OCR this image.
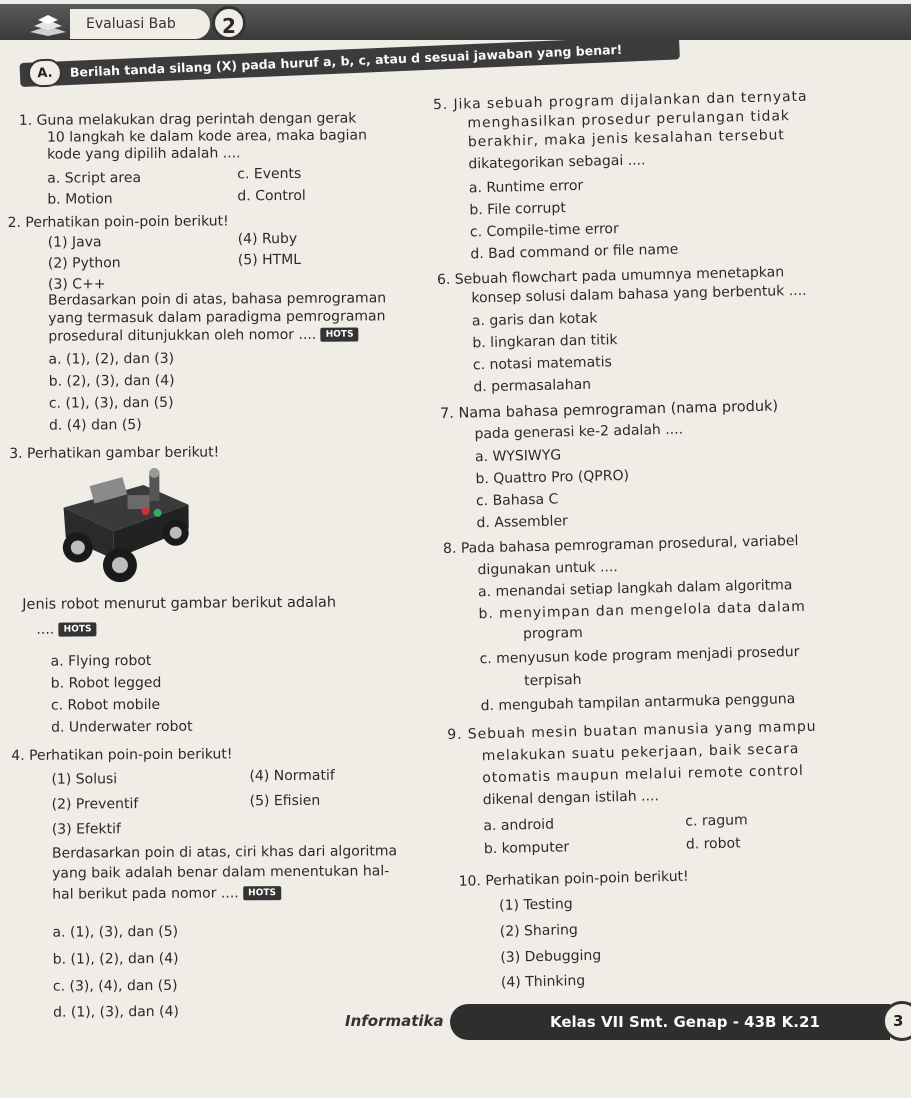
Evaluasi Bab	2
A.	Berilah tanda silang (X) pada huruf a, b, c, atau d sesuai jawaban yang benar!
1. Guna melakukan drag perintah dengan gerak
10 langkah ke dalam kode area, maka bagian
kode yang dipilih adalah ....
a. Script area	c. Events
b. Motion	d. Control
2. Perhatikan poin-poin berikut!
(1) Java	(4) Ruby
(2) Python	(5) HTML
(3) C++
Berdasarkan poin di atas, bahasa pemrograman
yang termasuk dalam paradigma pemrograman
prosedural ditunjukkan oleh nomor .... HOTS
a. (1), (2), dan (3)
b. (2), (3), dan (4)
c. (1), (3), dan (5)
d. (4) dan (5)
3. Perhatikan gambar berikut!
Jenis robot menurut gambar berikut adalah
.... HOTS
a. Flying robot
b. Robot legged
c. Robot mobile
d. Underwater robot
4. Perhatikan poin-poin berikut!
(1) Solusi	(4) Normatif
(2) Preventif	(5) Efisien
(3) Efektif
Berdasarkan poin di atas, ciri khas dari algoritma
yang baik adalah benar dalam menentukan hal-
hal berikut pada nomor .... HOTS
a. (1), (3), dan (5)
b. (1), (2), dan (4)
c. (3), (4), dan (5)
d. (1), (3), dan (4)
5. Jika sebuah program dijalankan dan ternyata
menghasilkan prosedur perulangan tidak
berakhir, maka jenis kesalahan tersebut
dikategorikan sebagai ....
a. Runtime error
b. File corrupt
c. Compile-time error
d. Bad command or file name
6. Sebuah flowchart pada umumnya menetapkan
konsep solusi dalam bahasa yang berbentuk ....
a. garis dan kotak
b. lingkaran dan titik
c. notasi matematis
d. permasalahan
7. Nama bahasa pemrograman (nama produk)
pada generasi ke-2 adalah ....
a. WYSIWYG
b. Quattro Pro (QPRO)
c. Bahasa C
d. Assembler
8. Pada bahasa pemrograman prosedural, variabel
digunakan untuk ....
a. menandai setiap langkah dalam algoritma
b. menyimpan dan mengelola data dalam
program
c. menyusun kode program menjadi prosedur
terpisah
d. mengubah tampilan antarmuka pengguna
9. Sebuah mesin buatan manusia yang mampu
melakukan suatu pekerjaan, baik secara
otomatis maupun melalui remote control
dikenal dengan istilah ....
a. android	c. ragum
b. komputer	d. robot
10. Perhatikan poin-poin berikut!
(1) Testing
(2) Sharing
(3) Debugging
(4) Thinking
Informatika	Kelas VII Smt. Genap - 43B K.21	3
